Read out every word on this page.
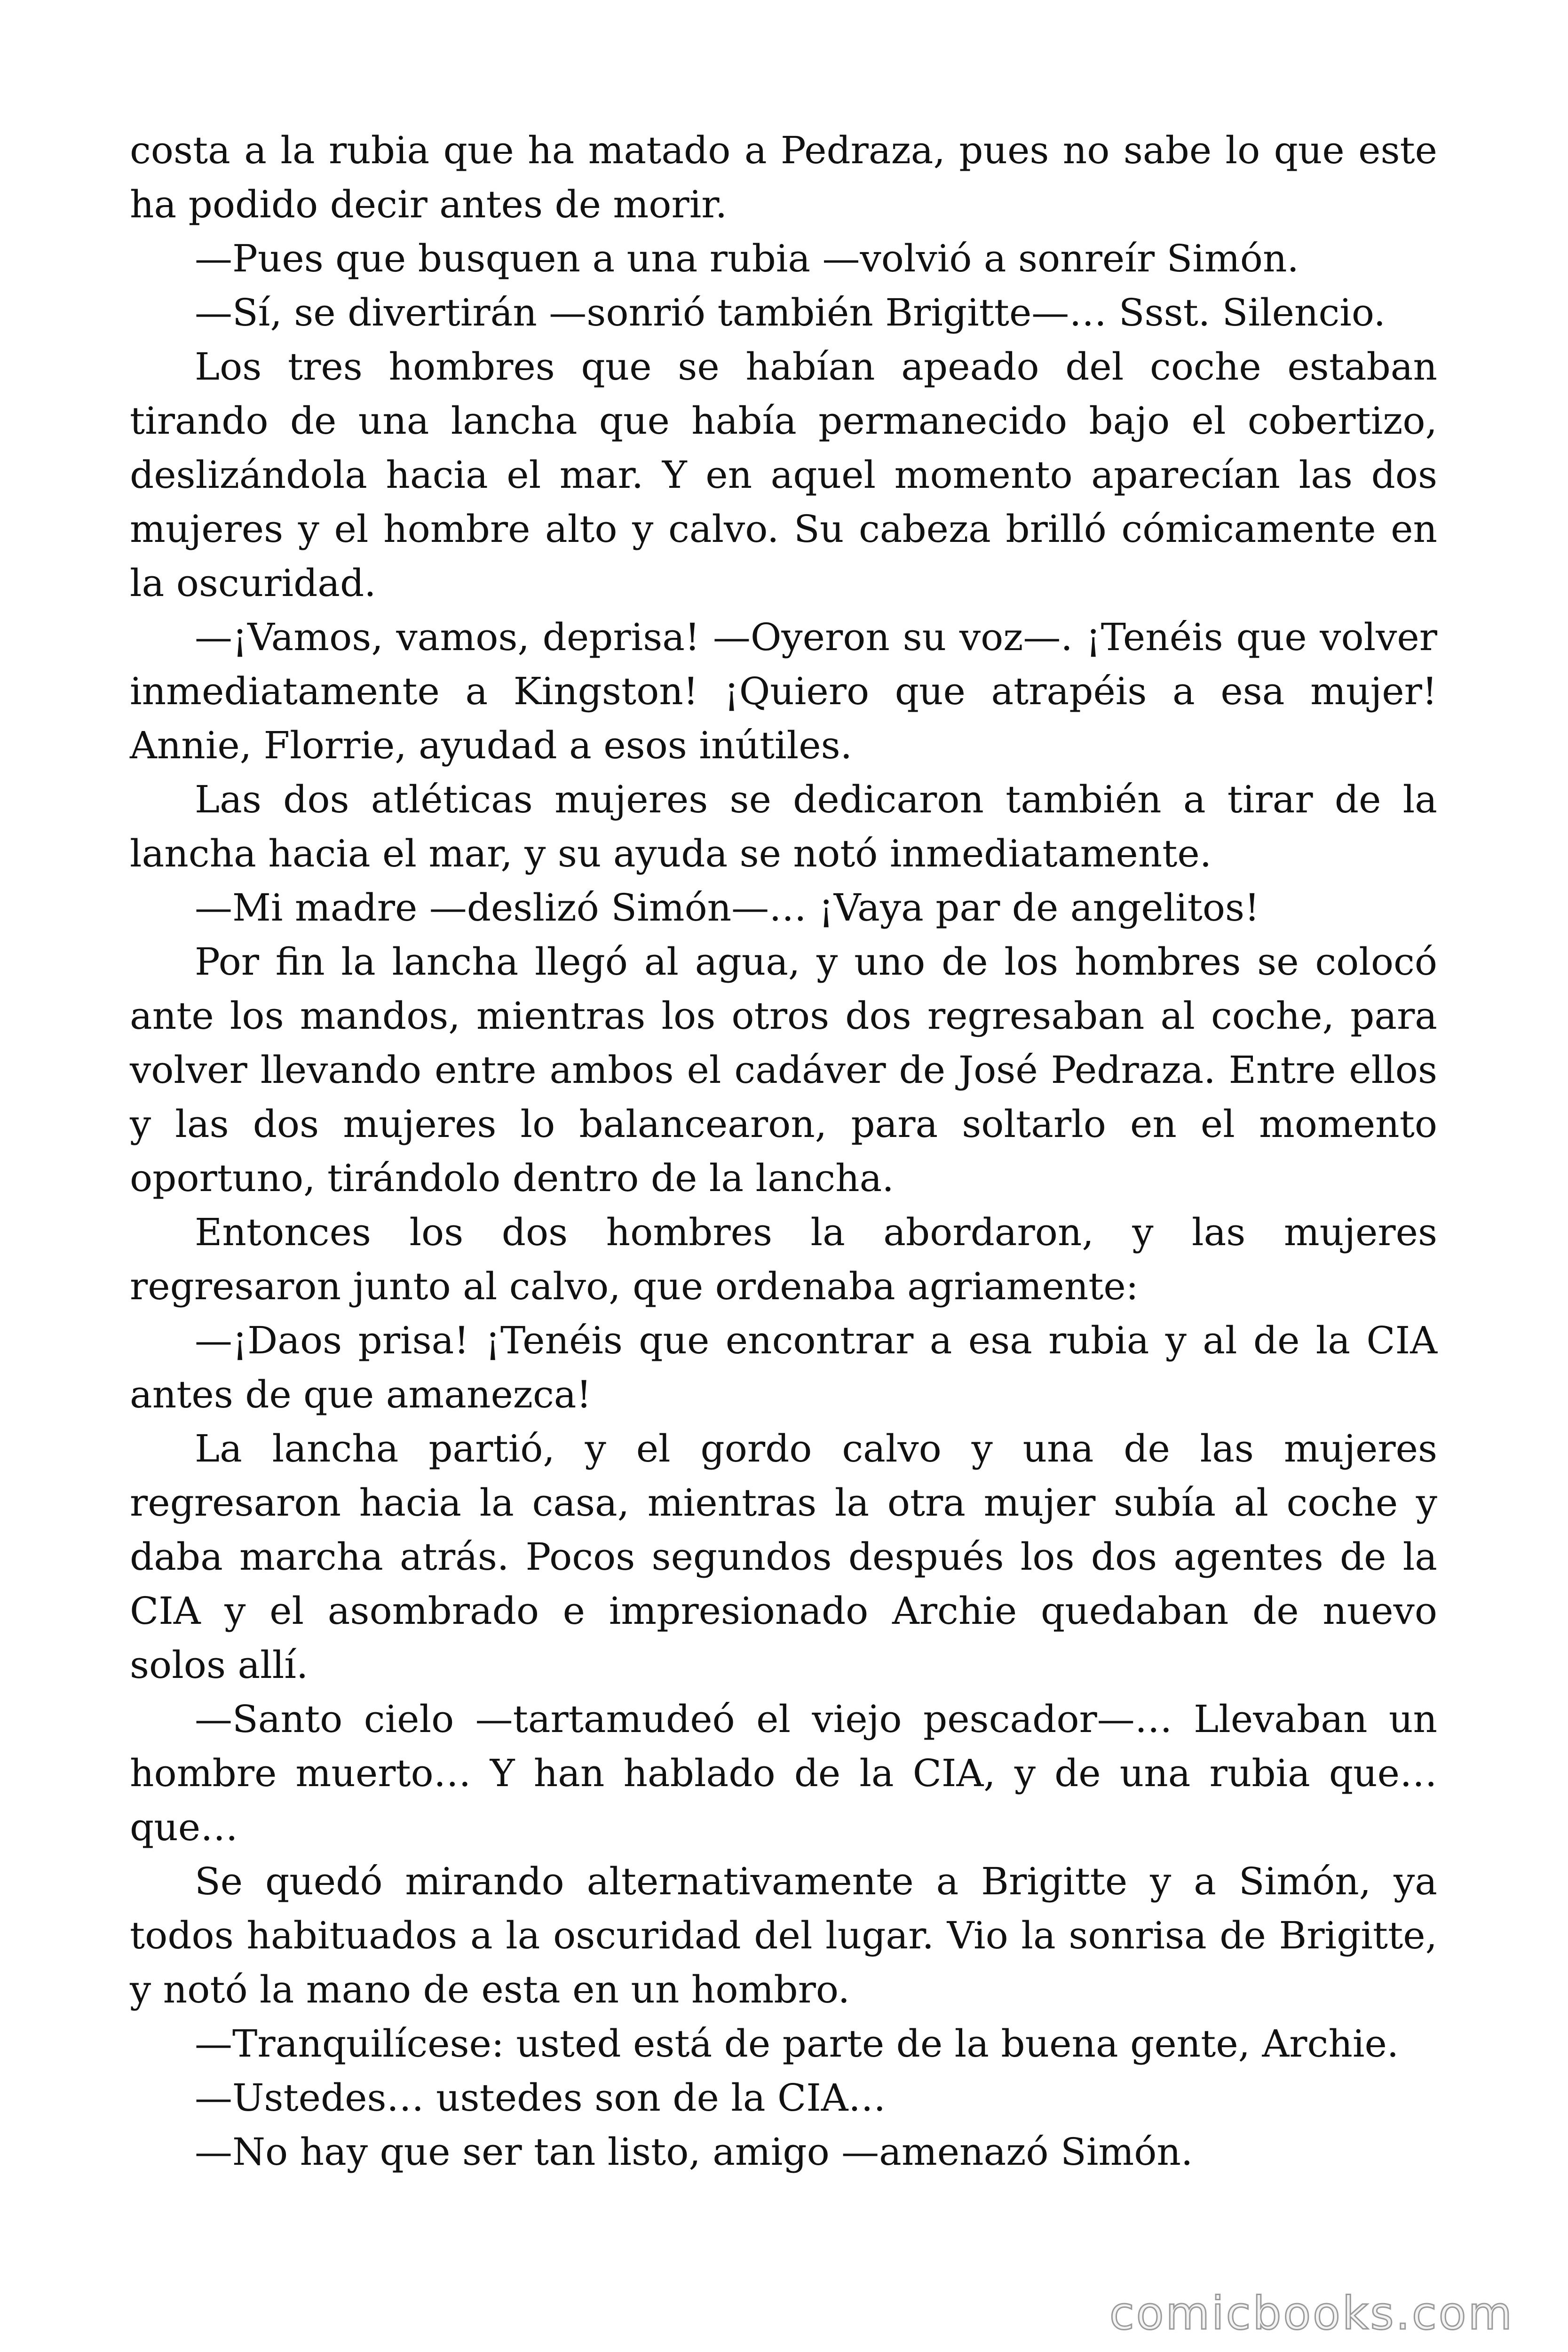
costa a la rubia que ha matado a Pedraza, pues no sabe lo que este ha podido decir antes de morir.

—Pues que busquen a una rubia —volvió a sonreír Simón.

—Sí, se divertirán —sonrió también Brigitte—… Ssst. Silencio.

Los tres hombres que se habían apeado del coche estaban tirando de una lancha que había permanecido bajo el cobertizo, deslizándola hacia el mar. Y en aquel momento aparecían las dos mujeres y el hombre alto y calvo. Su cabeza brilló cómicamente en la oscuridad.

—¡Vamos, vamos, deprisa! —Oyeron su voz—. ¡Tenéis que volver inmediatamente a Kingston! ¡Quiero que atrapéis a esa mujer! Annie, Florrie, ayudad a esos inútiles.

Las dos atléticas mujeres se dedicaron también a tirar de la lancha hacia el mar, y su ayuda se notó inmediatamente.

—Mi madre —deslizó Simón—… ¡Vaya par de angelitos!

Por fin la lancha llegó al agua, y uno de los hombres se colocó ante los mandos, mientras los otros dos regresaban al coche, para volver llevando entre ambos el cadáver de José Pedraza. Entre ellos y las dos mujeres lo balancearon, para soltarlo en el momento oportuno, tirándolo dentro de la lancha.

Entonces los dos hombres la abordaron, y las mujeres regresaron junto al calvo, que ordenaba agriamente:

—¡Daos prisa! ¡Tenéis que encontrar a esa rubia y al de la CIA antes de que amanezca!

La lancha partió, y el gordo calvo y una de las mujeres regresaron hacia la casa, mientras la otra mujer subía al coche y daba marcha atrás. Pocos segundos después los dos agentes de la CIA y el asombrado e impresionado Archie quedaban de nuevo solos allí.

—Santo cielo —tartamudeó el viejo pescador—… Llevaban un hombre muerto… Y han hablado de la CIA, y de una rubia que… que…

Se quedó mirando alternativamente a Brigitte y a Simón, ya todos habituados a la oscuridad del lugar. Vio la sonrisa de Brigitte, y notó la mano de esta en un hombro.

—Tranquilícese: usted está de parte de la buena gente, Archie.

—Ustedes… ustedes son de la CIA…

—No hay que ser tan listo, amigo —amenazó Simón.

comicbooks.com
